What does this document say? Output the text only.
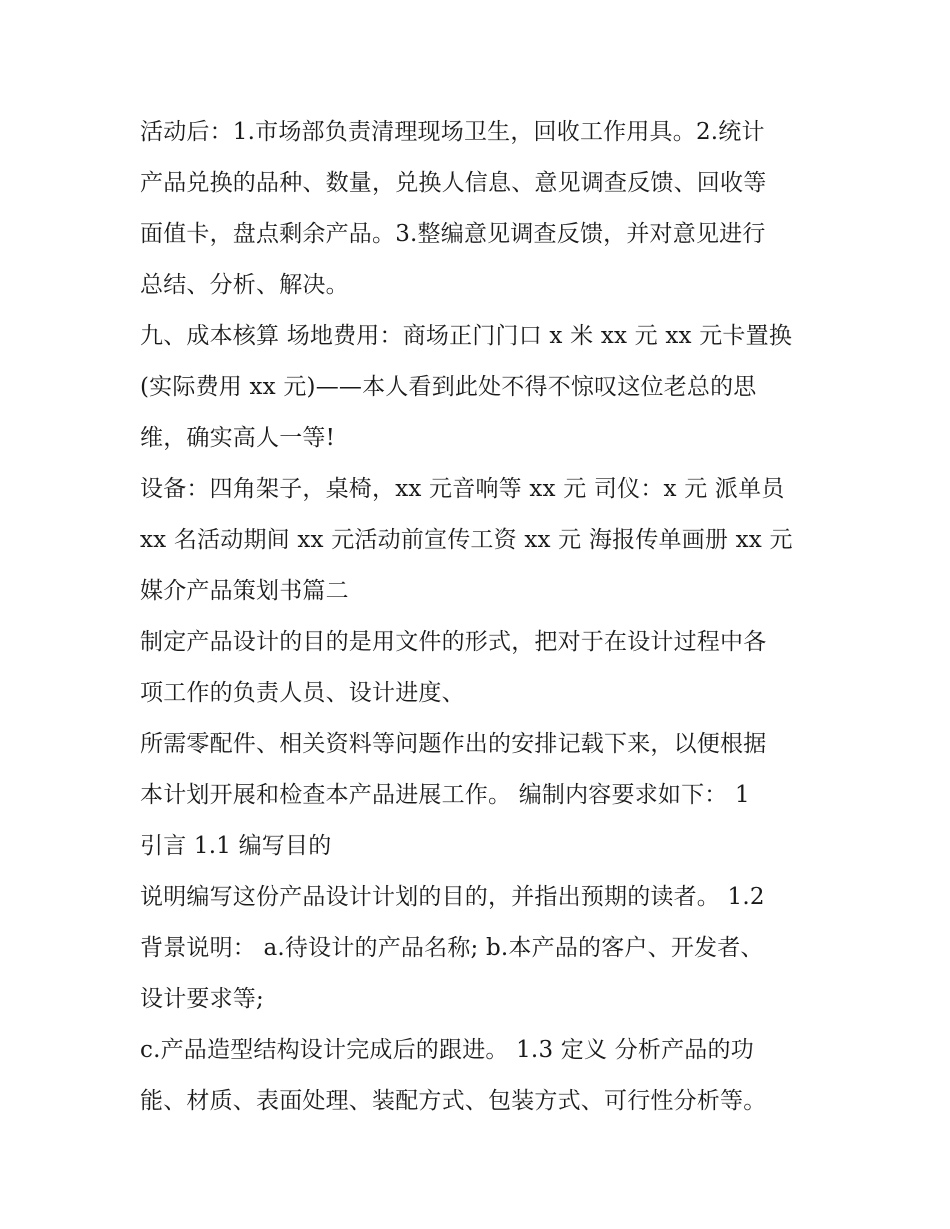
活动后：1.市场部负责清理现场卫生，回收工作用具。2.统计
产品兑换的品种、数量，兑换人信息、意见调查反馈、回收等
面值卡，盘点剩余产品。3.整编意见调查反馈，并对意见进行
总结、分析、解决。
九、成本核算 场地费用：商场正门门口 x 米 xx 元 xx 元卡置换
(实际费用 xx 元)——本人看到此处不得不惊叹这位老总的思
维，确实高人一等!
设备：四角架子，桌椅，xx 元音响等 xx 元 司仪：x 元 派单员
xx 名活动期间 xx 元活动前宣传工资 xx 元 海报传单画册 xx 元
媒介产品策划书篇二
制定产品设计的目的是用文件的形式，把对于在设计过程中各
项工作的负责人员、设计进度、
所需零配件、相关资料等问题作出的安排记载下来，以便根据
本计划开展和检查本产品进展工作。 编制内容要求如下： 1
引言 1.1 编写目的
说明编写这份产品设计计划的目的，并指出预期的读者。 1.2
背景说明： a.待设计的产品名称; b.本产品的客户、开发者、
设计要求等;
c.产品造型结构设计完成后的跟进。 1.3 定义 分析产品的功
能、材质、表面处理、装配方式、包装方式、可行性分析等。
